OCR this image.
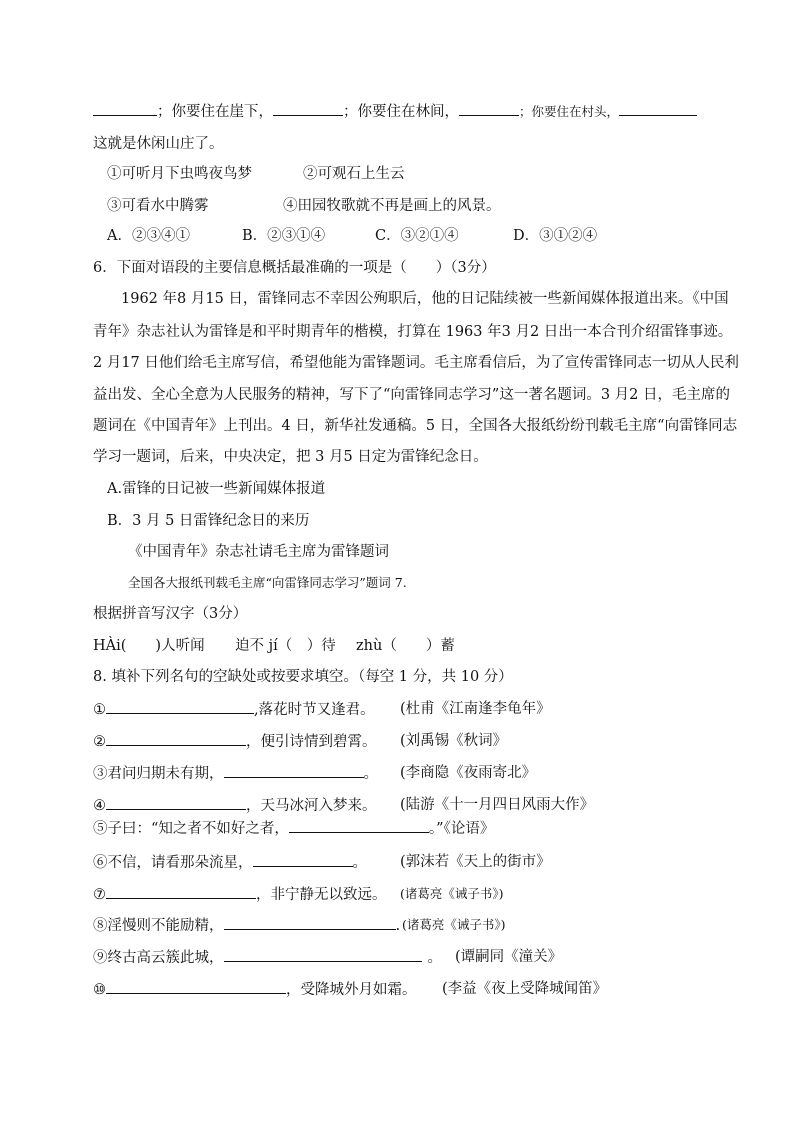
；你要住在崖下，	；你要住在林间，	；你要住在村头，
这就是休闲山庄了。
①可听月下虫鸣夜鸟梦	②可观石上生云
③可看水中腾雾	④田园牧歌就不再是画上的风景。
A．②③④①	B．②③①④	C．③②①④	D．③①②④
6．下面对语段的主要信息概括最准确的一项是（　　）（3分）
1962 年8 月15 日，雷锋同志不幸因公殉职后，他的日记陆续被一些新闻媒体报道出来。《中国
青年》杂志社认为雷锋是和平时期青年的楷模，打算在 1963 年3 月2 日出一本合刊介绍雷锋事迹。
2 月17 日他们给毛主席写信，希望他能为雷锋题词。毛主席看信后，为了宣传雷锋同志一切从人民利
益出发、全心全意为人民服务的精神，写下了“向雷锋同志学习”这一著名题词。3 月2 日，毛主席的
题词在《中国青年》上刊出。4 日，新华社发通稿。5 日，全国各大报纸纷纷刊载毛主席“向雷锋同志
学习一题词，后来，中央决定，把 3 月5 日定为雷锋纪念日。
A.雷锋的日记被一些新闻媒体报道
B．3 月 5 日雷锋纪念日的来历
《中国青年》杂志社请毛主席为雷锋题词
全国各大报纸刊载毛主席“向雷锋同志学习”题词 7.
根据拼音写汉字（3分）
HÀi(　　)人听闻 迫不 jí（　）待 zhù（　　）蓄
8. 填补下列名句的空缺处或按要求填空。（每空 1 分，共 10 分）
①	,落花时节又逢君。 (杜甫《江南逢李龟年》
②	，便引诗情到碧霄。 (刘禹锡《秋词》
③君问归期未有期，	。 (李商隐《夜雨寄北》
④	，天马冰河入梦来。 (陆游《十一月四日风雨大作》
⑤子曰：“知之者不如好之者，	。”《论语》
⑥不信，请看那朵流星，	。 (郭沫若《天上的街市》
⑦	，非宁静无以致远。 (诸葛亮《诫子书》)
⑧淫慢则不能励精，	. (诸葛亮《诫子书》)
⑨终古高云簇此城，	。 (谭嗣同《潼关》
⑩	，受降城外月如霜。 (李益《夜上受降城闻笛》
